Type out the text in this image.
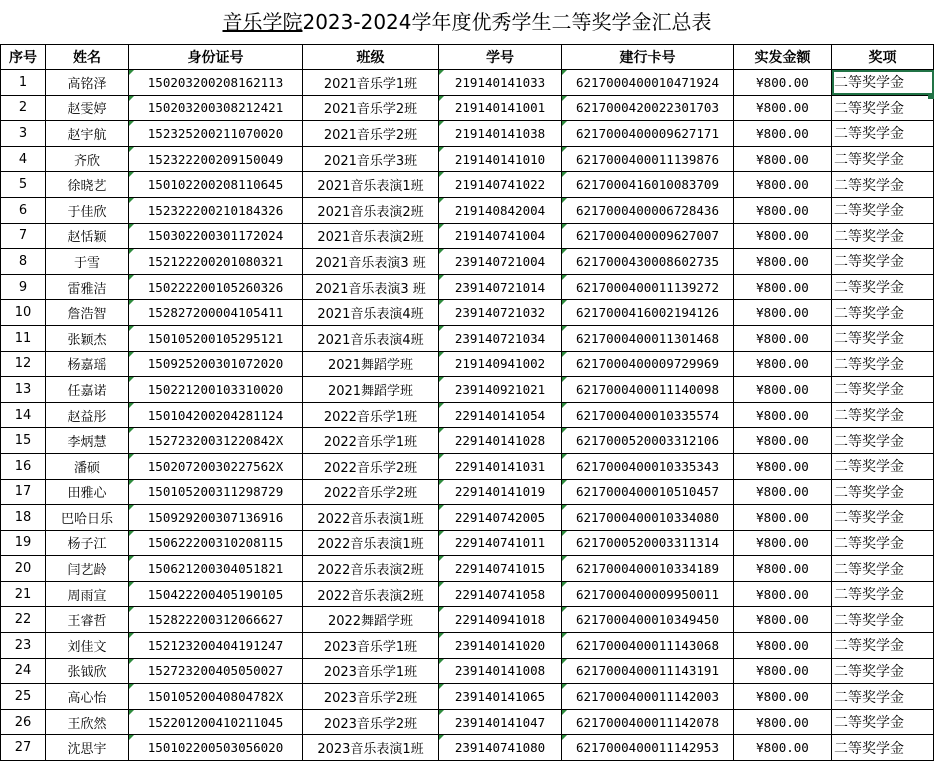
音乐学院2023-2024学年度优秀学生二等奖学金汇总表
序号	姓名	身份证号	班级	学号	建行卡号	实发金额	奖项
1	高铭泽	150203200208162113	2021音乐学1班	219140141033	6217000400010471924	¥800.00	二等奖学金
2	赵雯婷	150203200308212421	2021音乐学2班	219140141001	6217000420022301703	¥800.00	二等奖学金
3	赵宇航	152325200211070020	2021音乐学2班	219140141038	6217000400009627171	¥800.00	二等奖学金
4	齐欣	152322200209150049	2021音乐学3班	219140141010	6217000400011139876	¥800.00	二等奖学金
5	徐晓艺	150102200208110645	2021音乐表演1班	219140741022	6217000416010083709	¥800.00	二等奖学金
6	于佳欣	152322200210184326	2021音乐表演2班	219140842004	6217000400006728436	¥800.00	二等奖学金
7	赵恬颖	150302200301172024	2021音乐表演2班	219140741004	6217000400009627007	¥800.00	二等奖学金
8	于雪	152122200201080321	2021音乐表演3 班	239140721004	6217000430008602735	¥800.00	二等奖学金
9	雷雅洁	150222200105260326	2021音乐表演3 班	239140721014	6217000400011139272	¥800.00	二等奖学金
10	詹浩智	152827200004105411	2021音乐表演4班	239140721032	6217000416002194126	¥800.00	二等奖学金
11	张颖杰	150105200105295121	2021音乐表演4班	239140721034	6217000400011301468	¥800.00	二等奖学金
12	杨嘉瑶	150925200301072020	2021舞蹈学班	219140941002	6217000400009729969	¥800.00	二等奖学金
13	任嘉诺	150221200103310020	2021舞蹈学班	239140921021	6217000400011140098	¥800.00	二等奖学金
14	赵益彤	150104200204281124	2022音乐学1班	229140141054	6217000400010335574	¥800.00	二等奖学金
15	李炳慧	15272320031220842X	2022音乐学1班	229140141028	6217000520003312106	¥800.00	二等奖学金
16	潘硕	15020720030227562X	2022音乐学2班	229140141031	6217000400010335343	¥800.00	二等奖学金
17	田雅心	150105200311298729	2022音乐学2班	229140141019	6217000400010510457	¥800.00	二等奖学金
18	巴哈日乐	150929200307136916	2022音乐表演1班	229140742005	6217000400010334080	¥800.00	二等奖学金
19	杨子江	150622200310208115	2022音乐表演1班	229140741011	6217000520003311314	¥800.00	二等奖学金
20	闫艺龄	150621200304051821	2022音乐表演2班	229140741015	6217000400010334189	¥800.00	二等奖学金
21	周雨宣	150422200405190105	2022音乐表演2班	229140741058	6217000400009950011	¥800.00	二等奖学金
22	王睿哲	152822200312066627	2022舞蹈学班	229140941018	6217000400010349450	¥800.00	二等奖学金
23	刘佳文	152123200404191247	2023音乐学1班	239140141020	6217000400011143068	¥800.00	二等奖学金
24	张钺欣	152723200405050027	2023音乐学1班	239140141008	6217000400011143191	¥800.00	二等奖学金
25	高心怡	15010520040804782X	2023音乐学2班	239140141065	6217000400011142003	¥800.00	二等奖学金
26	王欣然	152201200410211045	2023音乐学2班	239140141047	6217000400011142078	¥800.00	二等奖学金
27	沈思宇	150102200503056020	2023音乐表演1班	239140741080	6217000400011142953	¥800.00	二等奖学金
